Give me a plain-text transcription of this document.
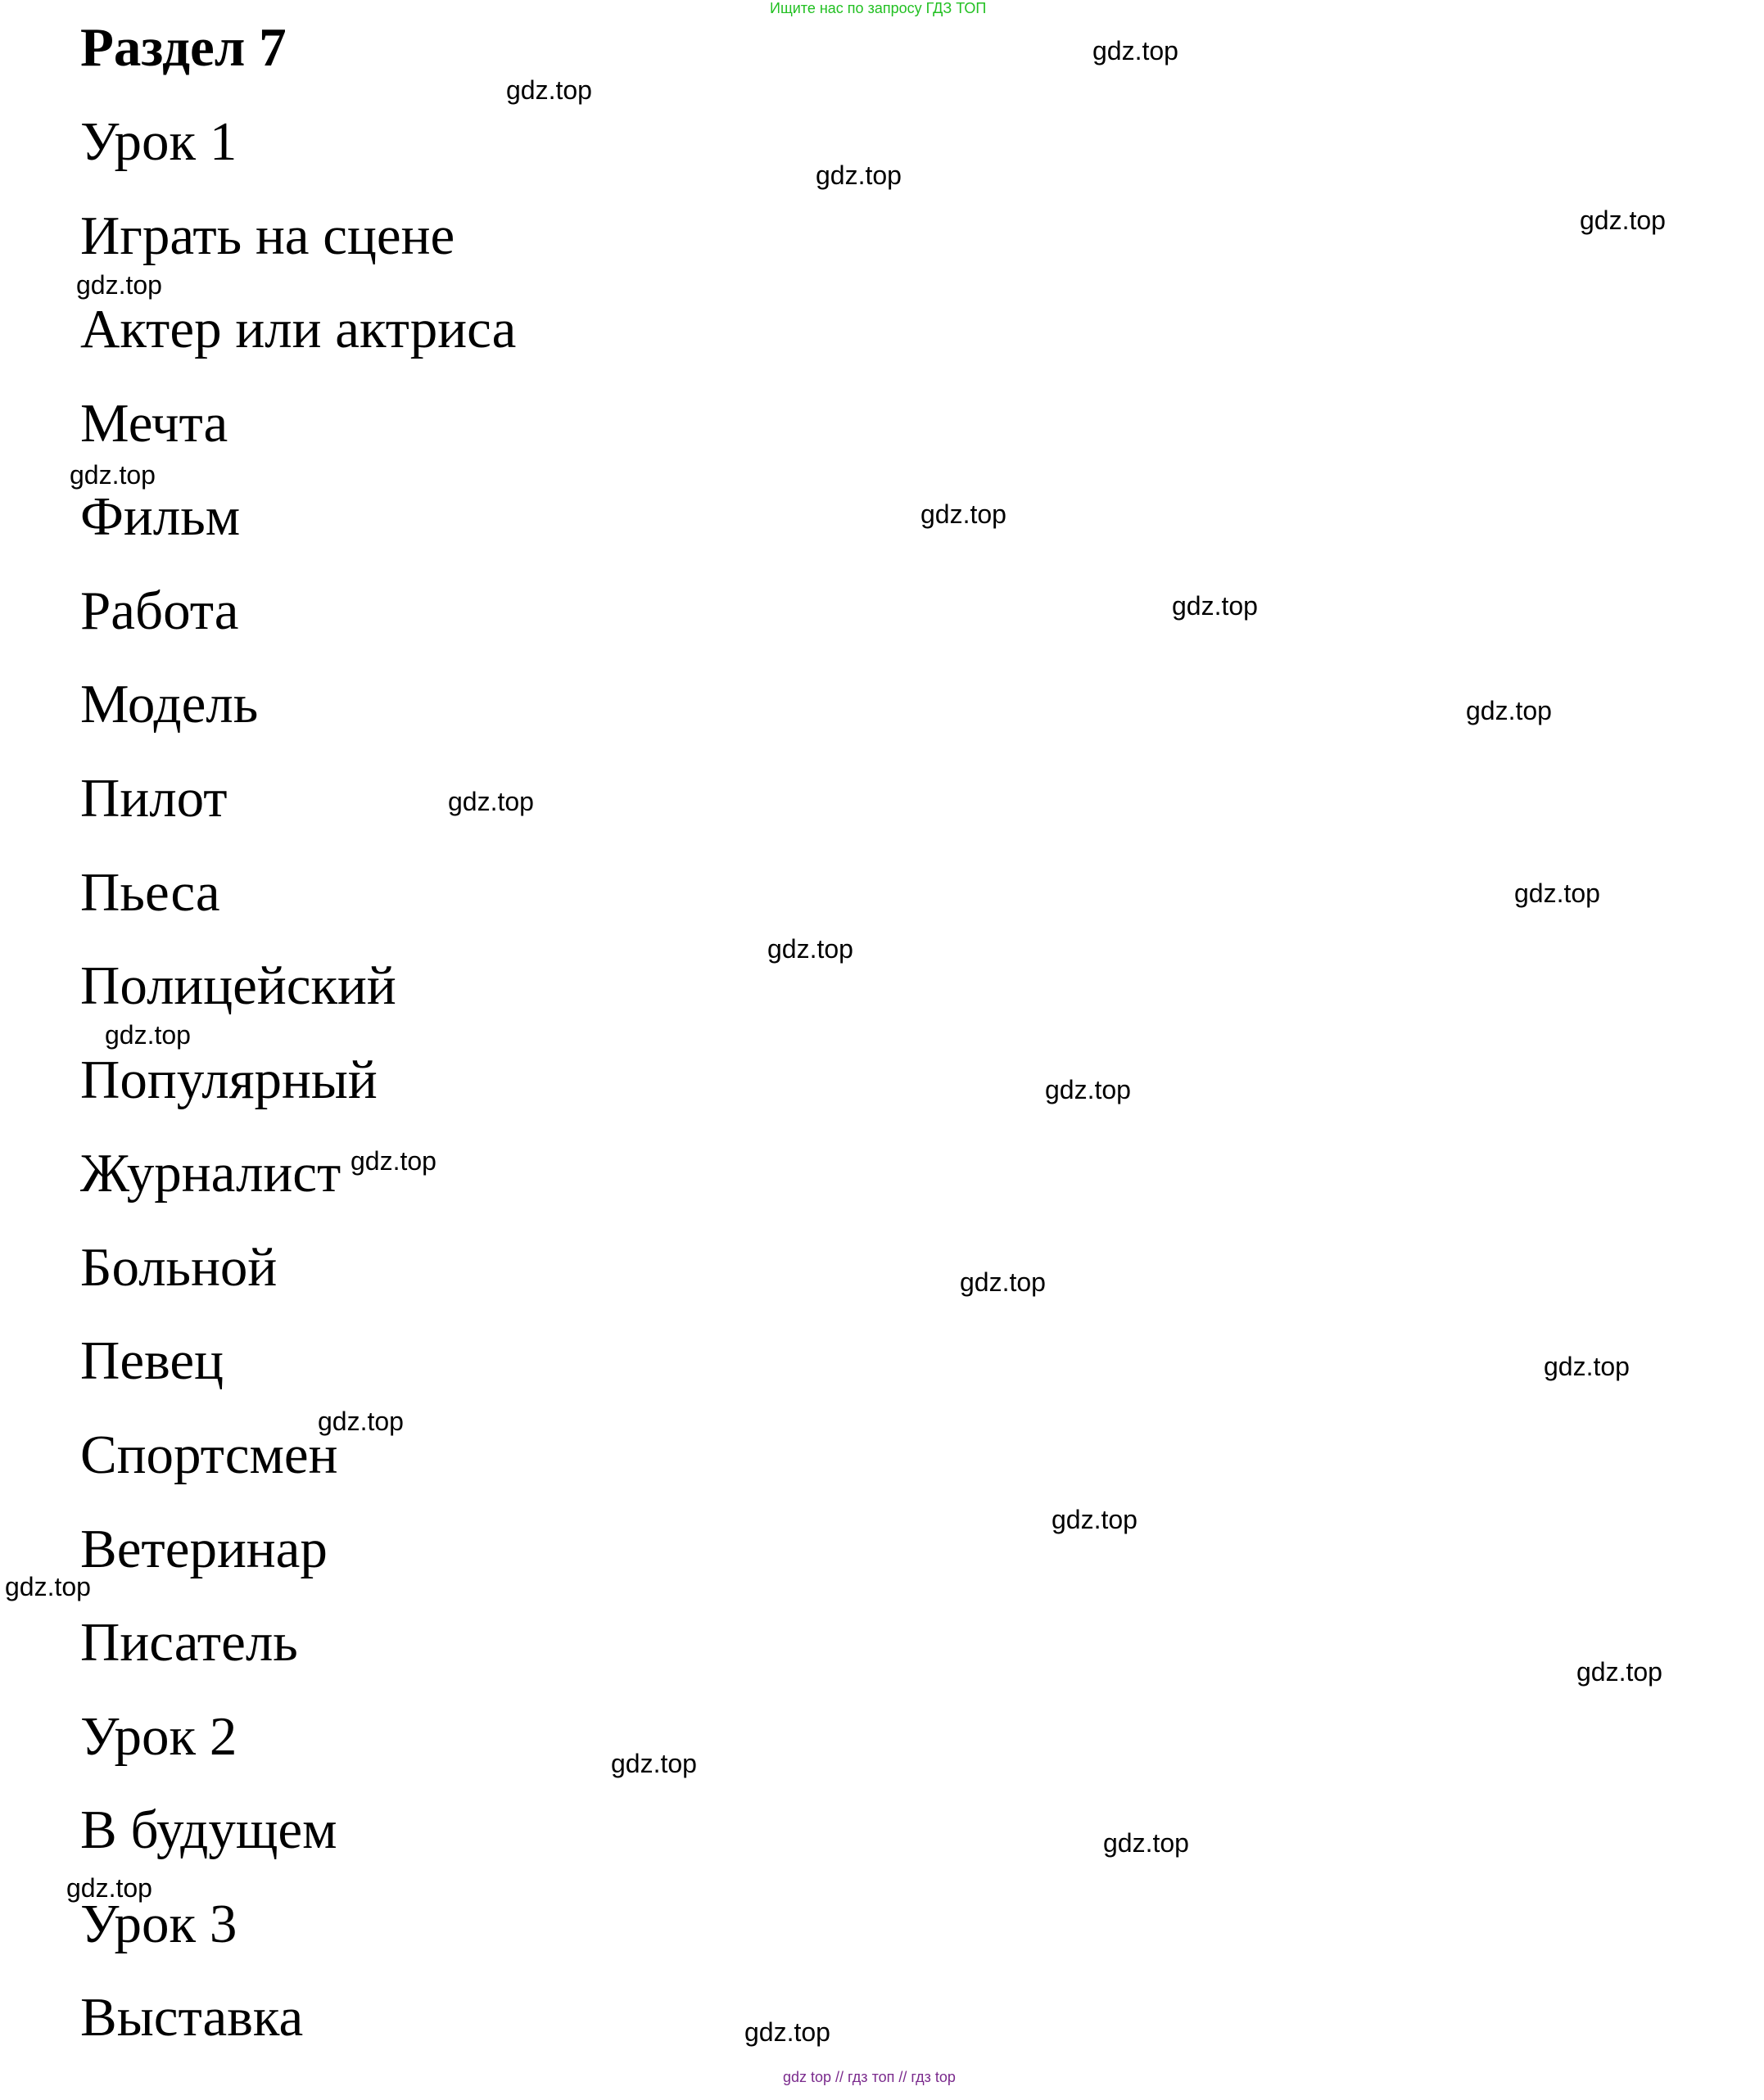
Ищите нас по запросу ГДЗ ТОП

Раздел 7

Урок 1

Играть на сцене

Актер или актриса

Мечта

Фильм

Работа

Модель

Пилот

Пьеса

Полицейский

Популярный

Журналист

Больной

Певец

Спортсмен

Ветеринар

Писатель

Урок 2

В будущем

Урок 3

Выставка

gdz.top
gdz.top
gdz.top
gdz.top
gdz.top
gdz.top
gdz.top
gdz.top
gdz.top
gdz.top
gdz.top
gdz.top
gdz.top
gdz.top
gdz.top
gdz.top
gdz.top
gdz.top
gdz.top
gdz.top
gdz.top
gdz.top
gdz.top
gdz.top
gdz.top
gdz top // гдз топ // гдз top
